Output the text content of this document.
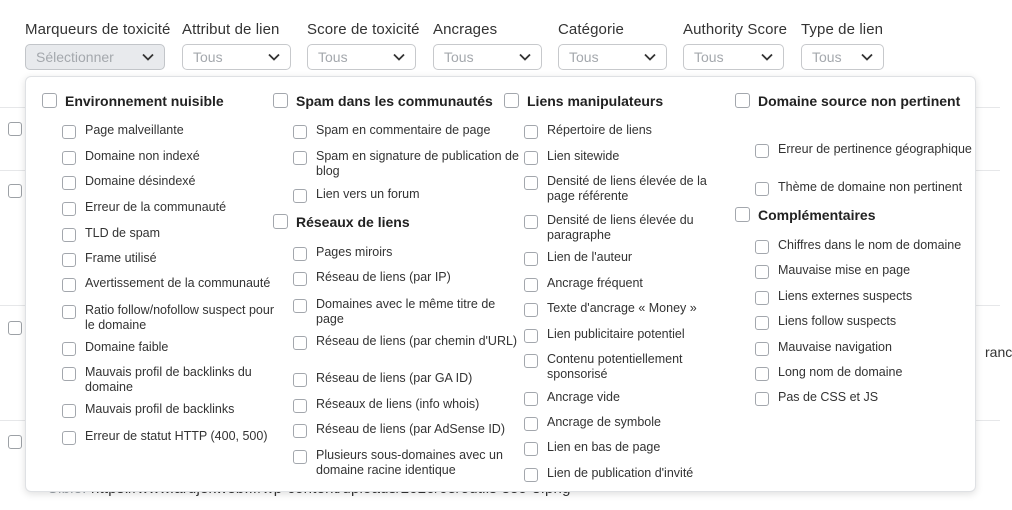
Marqueurs de toxicité
Sélectionner
Attribut de lien
Tous
Score de toxicité
Tous
Ancrages
Tous
Catégorie
Tous
Authority Score
Tous
Type de lien
Tous
ranc
Environnement nuisible
Page malveillante
Domaine non indexé
Domaine désindexé
Erreur de la communauté
TLD de spam
Frame utilisé
Avertissement de la communauté
Ratio follow/nofollow suspect pour le domaine
Domaine faible
Mauvais profil de backlinks du domaine
Mauvais profil de backlinks
Erreur de statut HTTP (400, 500)
Spam dans les communautés
Spam en commentaire de page
Spam en signature de publication de blog
Lien vers un forum
Réseaux de liens
Pages miroirs
Réseau de liens (par IP)
Domaines avec le même titre de page
Réseau de liens (par chemin d'URL)
Réseau de liens (par GA ID)
Réseaux de liens (info whois)
Réseau de liens (par AdSense ID)
Plusieurs sous-domaines avec un domaine racine identique
Liens manipulateurs
Répertoire de liens
Lien sitewide
Densité de liens élevée de la page référente
Densité de liens élevée du paragraphe
Lien de l'auteur
Ancrage fréquent
Texte d'ancrage « Money »
Lien publicitaire potentiel
Contenu potentiellement sponsorisé
Ancrage vide
Ancrage de symbole
Lien en bas de page
Lien de publication d'invité
Domaine source non pertinent
Erreur de pertinence géographique
Thème de domaine non pertinent
Complémentaires
Chiffres dans le nom de domaine
Mauvaise mise en page
Liens externes suspects
Liens follow suspects
Mauvaise navigation
Long nom de domaine
Pas de CSS et JS
